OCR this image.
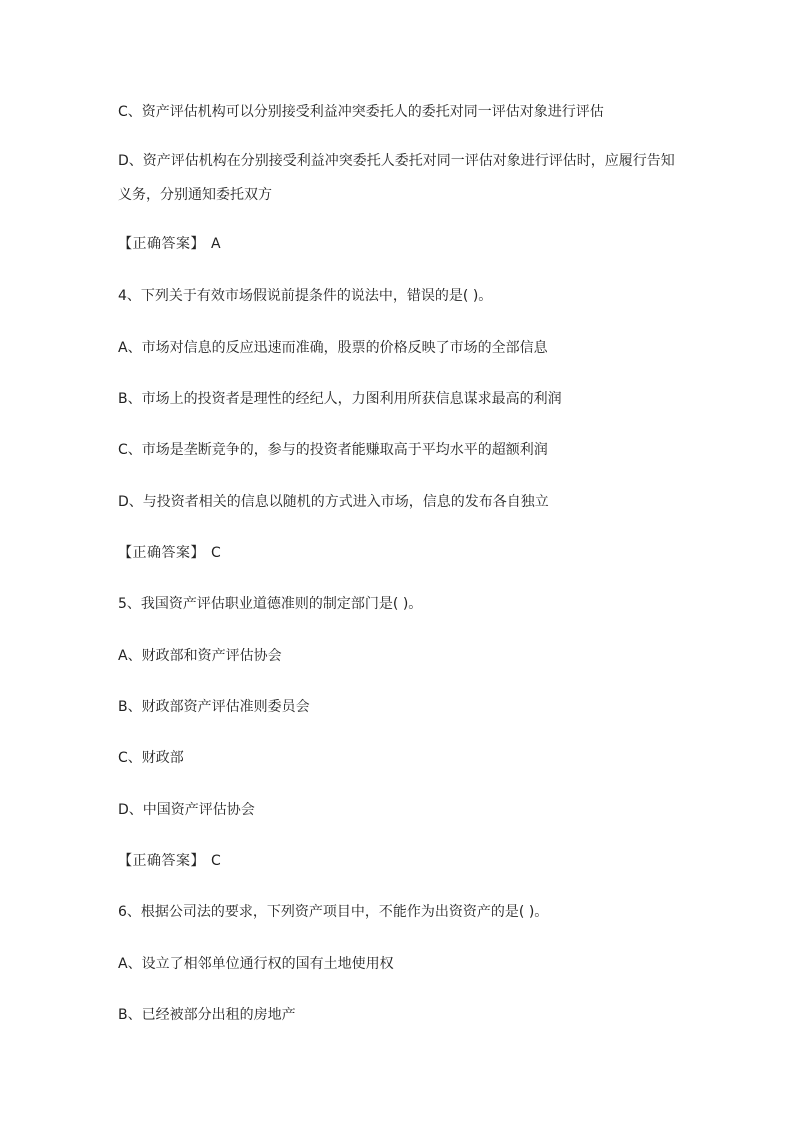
C、资产评估机构可以分别接受利益冲突委托人的委托对同一评估对象进行评估
D、资产评估机构在分别接受利益冲突委托人委托对同一评估对象进行评估时，应履行告知义务，分别通知委托双方
【正确答案】 A
4、下列关于有效市场假说前提条件的说法中，错误的是( )。
A、市场对信息的反应迅速而准确，股票的价格反映了市场的全部信息
B、市场上的投资者是理性的经纪人，力图利用所获信息谋求最高的利润
C、市场是垄断竞争的，参与的投资者能赚取高于平均水平的超额利润
D、与投资者相关的信息以随机的方式进入市场，信息的发布各自独立
【正确答案】 C
5、我国资产评估职业道德准则的制定部门是( )。
A、财政部和资产评估协会
B、财政部资产评估准则委员会
C、财政部
D、中国资产评估协会
【正确答案】 C
6、根据公司法的要求，下列资产项目中，不能作为出资资产的是( )。
A、设立了相邻单位通行权的国有土地使用权
B、已经被部分出租的房地产
